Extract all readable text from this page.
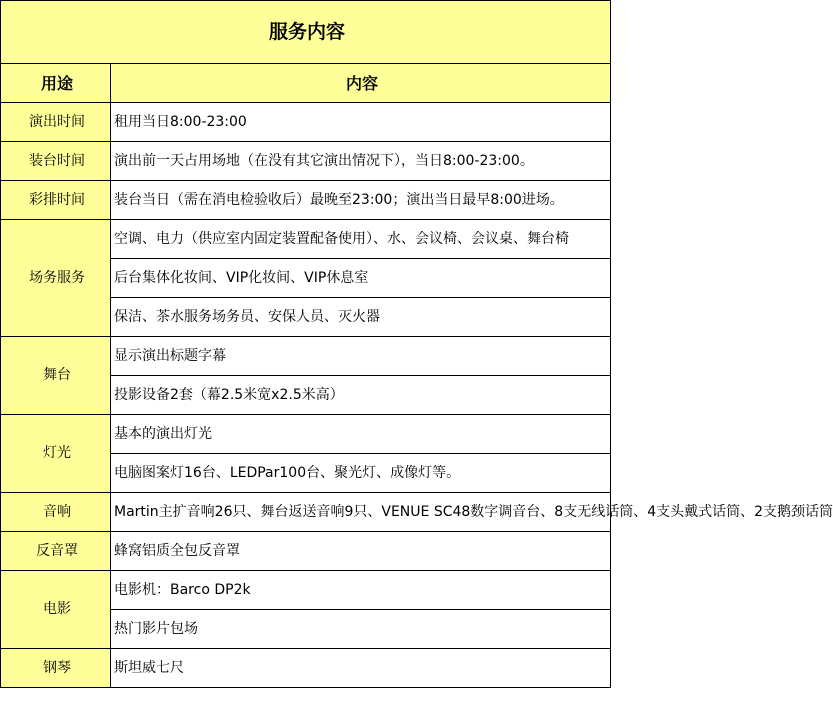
服务内容	
用途	内容
演出时间	租用当日8:00-23:00
装台时间	演出前一天占用场地（在没有其它演出情况下），当日8:00-23:00。
彩排时间	装台当日（需在消电检验收后）最晚至23:00；演出当日最早8:00进场。
场务服务	空调、电力（供应室内固定装置配备使用）、水、会议椅、会议桌、舞台椅
	后台集体化妆间、VIP化妆间、VIP休息室
	保洁、茶水服务场务员、安保人员、灭火器
舞台	显示演出标题字幕
	投影设备2套（幕2.5米宽x2.5米高）
灯光	基本的演出灯光
	电脑图案灯16台、LEDPar100台、聚光灯、成像灯等。
音响	Martin主扩音响26只、舞台返送音响9只、VENUE SC48数字调音台、8支无线话筒、4支头戴式话筒、2支鹅颈话筒
反音罩	蜂窝铝质全包反音罩
电影	电影机：Barco DP2k
	热门影片包场
钢琴	斯坦威七尺
